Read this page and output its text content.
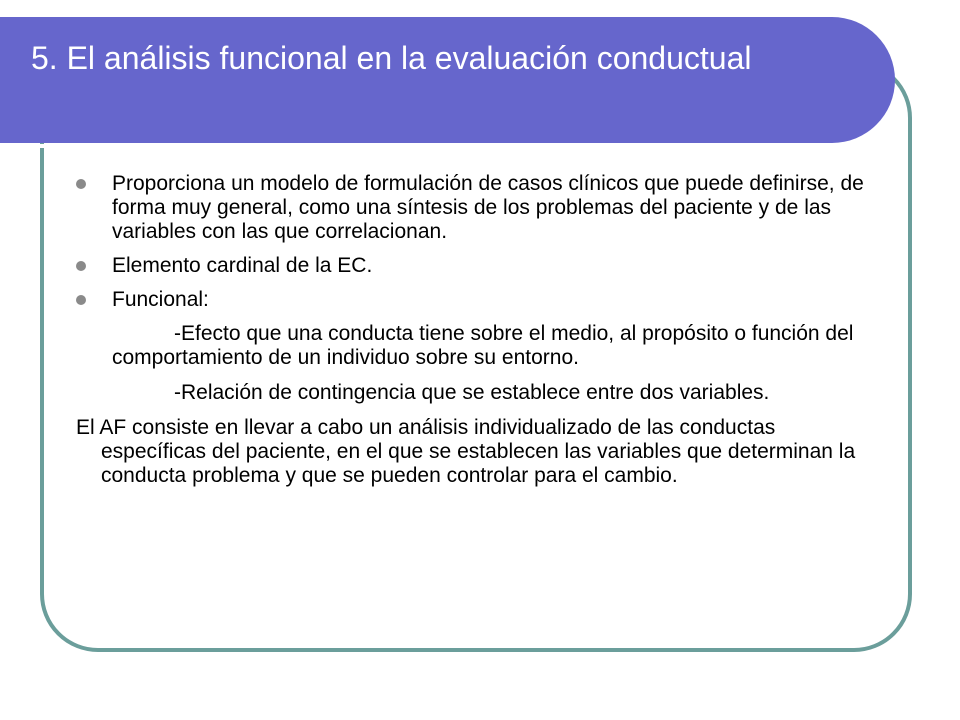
5. El análisis funcional en la evaluación conductual
Proporciona un modelo de formulación de casos clínicos que puede definirse, de forma muy general, como una síntesis de los problemas del paciente y de las variables con las que correlacionan.
Elemento cardinal de la EC.
Funcional:
-Efecto que una conducta tiene sobre el medio, al propósito o función del comportamiento de un individuo sobre su entorno.
-Relación de contingencia que se establece entre dos variables.
El AF consiste en llevar a cabo un análisis individualizado de las conductas específicas del paciente, en el que se establecen las variables que determinan la conducta problema y que se pueden controlar para el cambio.
